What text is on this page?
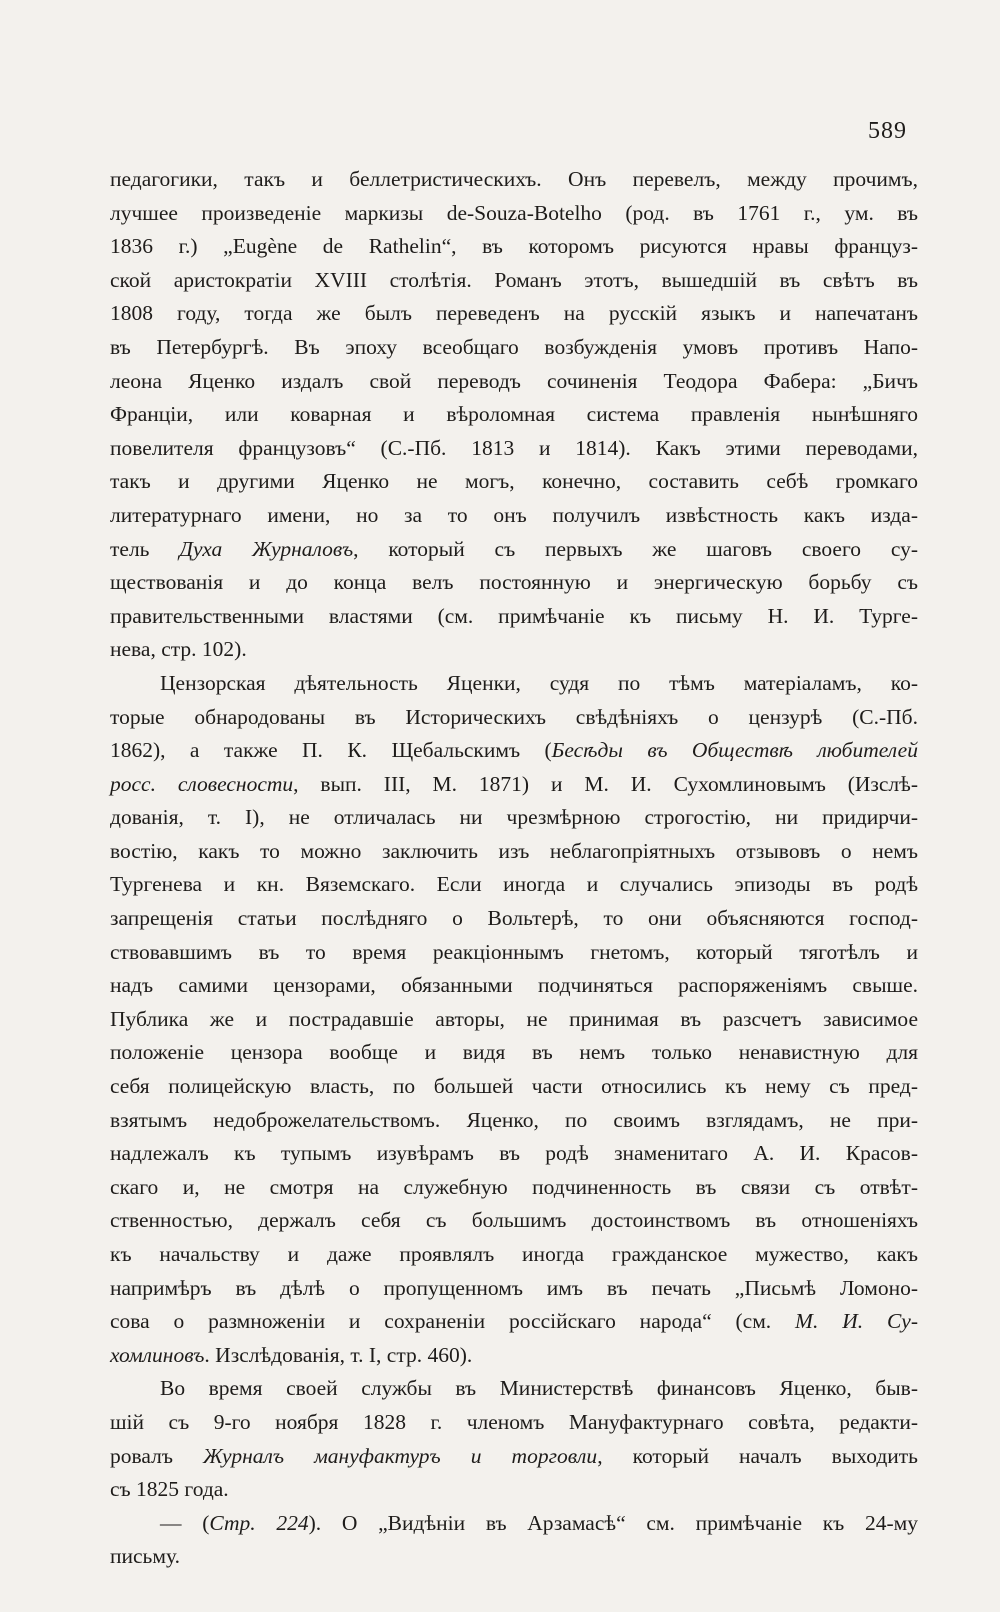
589
педагогики, такъ и беллетристическихъ. Онъ перевелъ, между прочимъ,
лучшее произведенiе маркизы de-Souza-Botelho (род. въ 1761 г., ум. въ
1836 г.) „Eugène de Rathelin“, въ которомъ рисуются нравы француз-
ской аристократiи XVIII столѣтiя. Романъ этотъ, вышедшiй въ свѣтъ въ
1808 году, тогда же былъ переведенъ на русскiй языкъ и напечатанъ
въ Петербургѣ. Въ эпоху всеобщаго возбужденiя умовъ противъ Напо-
леона Яценко издалъ свой переводъ сочиненiя Теодора Фабера: „Бичъ
Францiи, или коварная и вѣроломная система правленiя нынѣшняго
повелителя французовъ“ (С.-Пб. 1813 и 1814). Какъ этими переводами,
такъ и другими Яценко не могъ, конечно, составить себѣ громкаго
литературнаго имени, но за то онъ получилъ извѣстность какъ изда-
тель Духа Журналовъ, который съ первыхъ же шаговъ своего су-
ществованiя и до конца велъ постоянную и энергическую борьбу съ
правительственными властями (см. примѣчанiе къ письму Н. И. Турге-
нева, стр. 102).
Цензорская дѣятельность Яценки, судя по тѣмъ матерiаламъ, ко-
торые обнародованы въ Историческихъ свѣдѣнiяхъ о цензурѣ (С.-Пб.
1862), а также П. К. Щебальскимъ (Бесѣды въ Обществѣ любителей
росс. словесности, вып. III, М. 1871) и М. И. Сухомлиновымъ (Изслѣ-
дованiя, т. I), не отличалась ни чрезмѣрною строгостiю, ни придирчи-
востiю, какъ то можно заключить изъ неблагопрiятныхъ отзывовъ о немъ
Тургенева и кн. Вяземскаго. Если иногда и случались эпизоды въ родѣ
запрещенiя статьи послѣдняго о Вольтерѣ, то они объясняются господ-
ствовавшимъ въ то время реакцiоннымъ гнетомъ, который тяготѣлъ и
надъ самими цензорами, обязанными подчиняться распоряженiямъ свыше.
Публика же и пострадавшiе авторы, не принимая въ разсчетъ зависимое
положенiе цензора вообще и видя въ немъ только ненавистную для
себя полицейскую власть, по большей части относились къ нему съ пред-
взятымъ недоброжелательствомъ. Яценко, по своимъ взглядамъ, не при-
надлежалъ къ тупымъ изувѣрамъ въ родѣ знаменитаго А. И. Красов-
скаго и, не смотря на служебную подчиненность въ связи съ отвѣт-
ственностью, держалъ себя съ большимъ достоинствомъ въ отношенiяхъ
къ начальству и даже проявлялъ иногда гражданское мужество, какъ
напримѣръ въ дѣлѣ о пропущенномъ имъ въ печать „Письмѣ Ломоно-
сова о размноженiи и сохраненiи россiйскаго народа“ (см. М. И. Су-
хомлиновъ. Изслѣдованiя, т. I, стр. 460).
Во время своей службы въ Министерствѣ финансовъ Яценко, быв-
шiй съ 9-го ноября 1828 г. членомъ Мануфактурнаго совѣта, редакти-
ровалъ Журналъ мануфактуръ и торговли, который началъ выходить
съ 1825 года.
— (Стр. 224). О „Видѣнiи въ Арзамасѣ“ см. примѣчанiе къ 24-му
письму.
